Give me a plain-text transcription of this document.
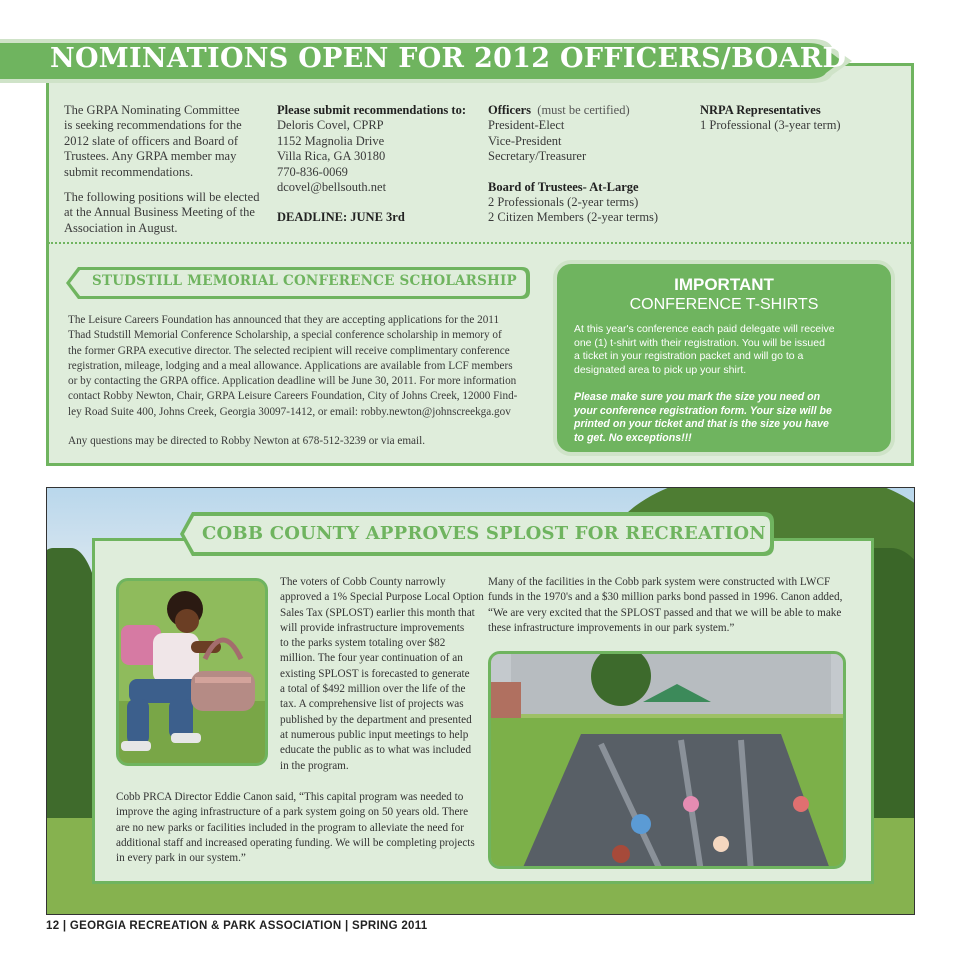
NOMINATIONS OPEN FOR 2012 OFFICERS/BOARD

The GRPA Nominating Committee
is seeking recommendations for the
2012 slate of officers and Board of
Trustees. Any GRPA member may
submit recommendations.

The following positions will be elected
at the Annual Business Meeting of the
Association in August.

Please submit recommendations to:
Deloris Covel, CPRP
1152 Magnolia Drive
Villa Rica, GA 30180
770-836-0069
dcovel@bellsouth.net
DEADLINE: JUNE 3rd
Officers (must be certified)
President-Elect
Vice-President
Secretary/Treasurer
Board of Trustees- At-Large
2 Professionals (2-year terms)
2 Citizen Members (2-year terms)
NRPA Representatives
1 Professional (3-year term)
STUDSTILL MEMORIAL CONFERENCE SCHOLARSHIP
The Leisure Careers Foundation has announced that they are accepting applications for the 2011
Thad Studstill Memorial Conference Scholarship, a special conference scholarship in memory of
the former GRPA executive director. The selected recipient will receive complimentary conference
registration, mileage, lodging and a meal allowance. Applications are available from LCF members
or by contacting the GRPA office. Application deadline will be June 30, 2011. For more information
contact Robby Newton, Chair, GRPA Leisure Careers Foundation, City of Johns Creek, 12000 Find-
ley Road Suite 400, Johns Creek, Georgia 30097-1412, or email: robby.newton@johnscreekga.gov
Any questions may be directed to Robby Newton at 678-512-3239 or via email.
IMPORTANT
CONFERENCE T-SHIRTS
At this year's conference each paid delegate will receive
one (1) t-shirt with their registration. You will be issued
a ticket in your registration packet and will go to a
designated area to pick up your shirt.
Please make sure you mark the size you need on
your conference registration form. Your size will be
printed on your ticket and that is the size you have
to get. No exceptions!!!
COBB COUNTY APPROVES SPLOST FOR RECREATION
The voters of Cobb County narrowly
approved a 1% Special Purpose Local Option
Sales Tax (SPLOST) earlier this month that
will provide infrastructure improvements
to the parks system totaling over $82
million. The four year continuation of an
existing SPLOST is forecasted to generate
a total of $492 million over the life of the
tax. A comprehensive list of projects was
published by the department and presented
at numerous public input meetings to help
educate the public as to what was included
in the program.
Cobb PRCA Director Eddie Canon said, “This capital program was needed to
improve the aging infrastructure of a park system going on 50 years old. There
are no new parks or facilities included in the program to alleviate the need for
additional staff and increased operating funding. We will be completing projects
in every park in our system.”
Many of the facilities in the Cobb park system were constructed with LWCF
funds in the 1970's and a $30 million parks bond passed in 1996. Canon added,
“We are very excited that the SPLOST passed and that we will be able to make
these infrastructure improvements in our park system.”
12 | GEORGIA RECREATION & PARK ASSOCIATION | SPRING 2011
